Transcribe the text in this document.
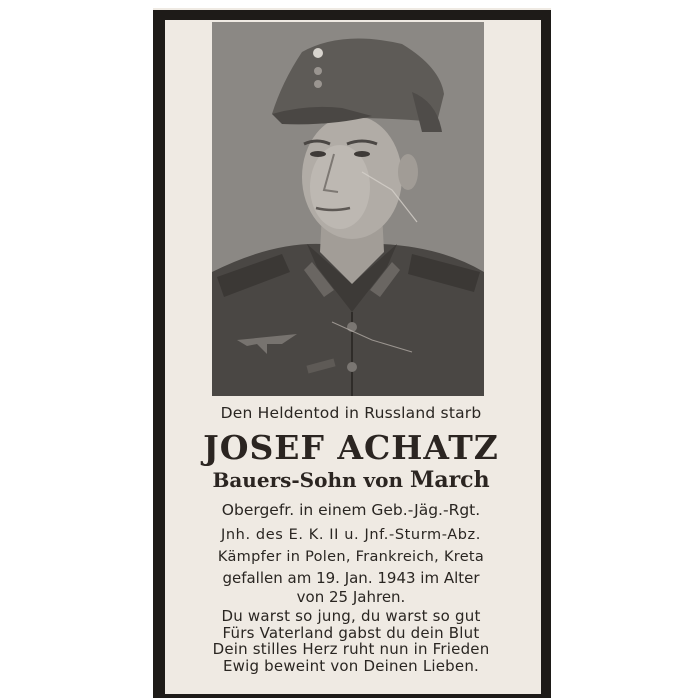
Den Heldentod in Russland starb
JOSEF ACHATZ
Bauers-Sohn von March
Obergefr. in einem Geb.-Jäg.-Rgt.
Jnh. des E. K. II u. Jnf.-Sturm-Abz.
Kämpfer in Polen, Frankreich, Kreta
gefallen am 19. Jan. 1943 im Alter
von 25 Jahren.
Du warst so jung, du warst so gut
Fürs Vaterland gabst du dein Blut
Dein stilles Herz ruht nun in Frieden
Ewig beweint von Deinen Lieben.
